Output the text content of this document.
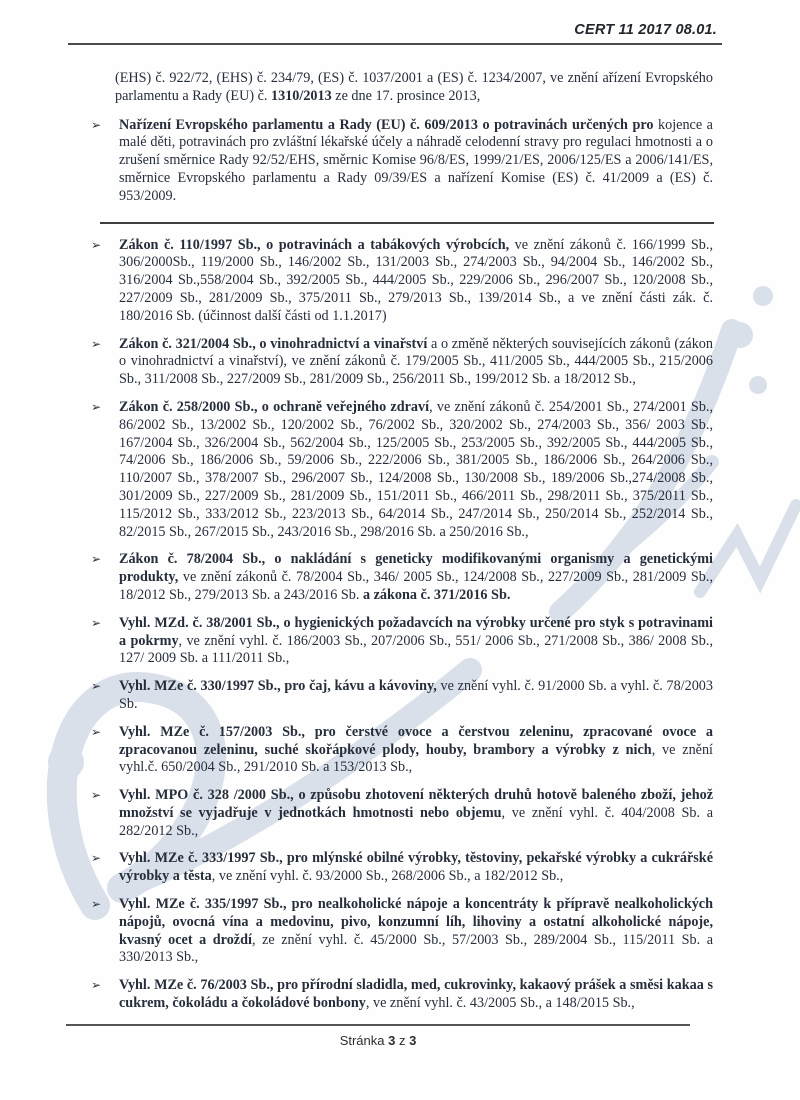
CERT 11 2017 08.01.

(EHS) č. 922/72, (EHS) č. 234/79, (ES) č. 1037/2001 a (ES) č. 1234/2007, ve znění ařízení Evropského parlamentu a Rady (EU) č. 1310/2013 ze dne 17. prosince 2013,

➢ Nařízení Evropského parlamentu a Rady (EU) č. 609/2013 o potravinách určených pro kojence a malé děti, potravinách pro zvláštní lékařské účely a náhradě celodenní stravy pro regulaci hmotnosti a o zrušení směrnice Rady 92/52/EHS, směrnic Komise 96/8/ES, 1999/21/ES, 2006/125/ES a 2006/141/ES, směrnice Evropského parlamentu a Rady 09/39/ES a nařízení Komise (ES) č. 41/2009 a (ES) č. 953/2009.
➢ Zákon č. 110/1997 Sb., o potravinách a tabákových výrobcích, ve znění zákonů č. 166/1999 Sb., 306/2000Sb., 119/2000 Sb., 146/2002 Sb., 131/2003 Sb., 274/2003 Sb., 94/2004 Sb., 146/2002 Sb., 316/2004 Sb.,558/2004 Sb., 392/2005 Sb., 444/2005 Sb., 229/2006 Sb., 296/2007 Sb., 120/2008 Sb., 227/2009 Sb., 281/2009 Sb., 375/2011 Sb., 279/2013 Sb., 139/2014 Sb., a ve znění části zák. č. 180/2016 Sb. (účinnost další části od 1.1.2017)
➢ Zákon č. 321/2004 Sb., o vinohradnictví a vinařství a o změně některých souvisejících zákonů (zákon o vinohradnictví a vinařství), ve znění zákonů č. 179/2005 Sb., 411/2005 Sb., 444/2005 Sb., 215/2006 Sb., 311/2008 Sb., 227/2009 Sb., 281/2009 Sb., 256/2011 Sb., 199/2012 Sb. a 18/2012 Sb.,
➢ Zákon č. 258/2000 Sb., o ochraně veřejného zdraví, ve znění zákonů č. 254/2001 Sb., 274/2001 Sb., 86/2002 Sb., 13/2002 Sb., 120/2002 Sb., 76/2002 Sb., 320/2002 Sb., 274/2003 Sb., 356/ 2003 Sb., 167/2004 Sb., 326/2004 Sb., 562/2004 Sb., 125/2005 Sb., 253/2005 Sb., 392/2005 Sb., 444/2005 Sb., 74/2006 Sb., 186/2006 Sb., 59/2006 Sb., 222/2006 Sb., 381/2005 Sb., 186/2006 Sb., 264/2006 Sb., 110/2007 Sb., 378/2007 Sb., 296/2007 Sb., 124/2008 Sb., 130/2008 Sb., 189/2006 Sb.,274/2008 Sb., 301/2009 Sb., 227/2009 Sb., 281/2009 Sb., 151/2011 Sb., 466/2011 Sb., 298/2011 Sb., 375/2011 Sb., 115/2012 Sb., 333/2012 Sb., 223/2013 Sb., 64/2014 Sb., 247/2014 Sb., 250/2014 Sb., 252/2014 Sb., 82/2015 Sb., 267/2015 Sb., 243/2016 Sb., 298/2016 Sb. a 250/2016 Sb.,
➢ Zákon č. 78/2004 Sb., o nakládání s geneticky modifikovanými organismy a genetickými produkty, ve znění zákonů č. 78/2004 Sb., 346/ 2005 Sb., 124/2008 Sb., 227/2009 Sb., 281/2009 Sb., 18/2012 Sb., 279/2013 Sb. a 243/2016 Sb. a zákona č. 371/2016 Sb.
➢ Vyhl. MZd. č. 38/2001 Sb., o hygienických požadavcích na výrobky určené pro styk s potravinami a pokrmy, ve znění vyhl. č. 186/2003 Sb., 207/2006 Sb., 551/ 2006 Sb., 271/2008 Sb., 386/ 2008 Sb., 127/ 2009 Sb. a 111/2011 Sb.,
➢ Vyhl. MZe č. 330/1997 Sb., pro čaj, kávu a kávoviny, ve znění vyhl. č. 91/2000 Sb. a vyhl. č. 78/2003 Sb.
➢ Vyhl. MZe č. 157/2003 Sb., pro čerstvé ovoce a čerstvou zeleninu, zpracované ovoce a zpracovanou zeleninu, suché skořápkové plody, houby, brambory a výrobky z nich, ve znění vyhl.č. 650/2004 Sb., 291/2010 Sb. a 153/2013 Sb.,
➢ Vyhl. MPO č. 328 /2000 Sb., o způsobu zhotovení některých druhů hotově baleného zboží, jehož množství se vyjadřuje v jednotkách hmotnosti nebo objemu, ve znění vyhl. č. 404/2008 Sb. a 282/2012 Sb.,
➢ Vyhl. MZe č. 333/1997 Sb., pro mlýnské obilné výrobky, těstoviny, pekařské výrobky a cukrářské výrobky a těsta, ve znění vyhl. č. 93/2000 Sb., 268/2006 Sb., a 182/2012 Sb.,
➢ Vyhl. MZe č. 335/1997 Sb., pro nealkoholické nápoje a koncentráty k přípravě nealkoholických nápojů, ovocná vína a medovinu, pivo, konzumní líh, lihoviny a ostatní alkoholické nápoje, kvasný ocet a droždí, ze znění vyhl. č. 45/2000 Sb., 57/2003 Sb., 289/2004 Sb., 115/2011 Sb. a 330/2013 Sb.,
➢ Vyhl. MZe č. 76/2003 Sb., pro přírodní sladidla, med, cukrovinky, kakaový prášek a směsi kakaa s cukrem, čokoládu a čokoládové bonbony, ve znění vyhl. č. 43/2005 Sb., a 148/2015 Sb.,
Stránka 3 z 3
